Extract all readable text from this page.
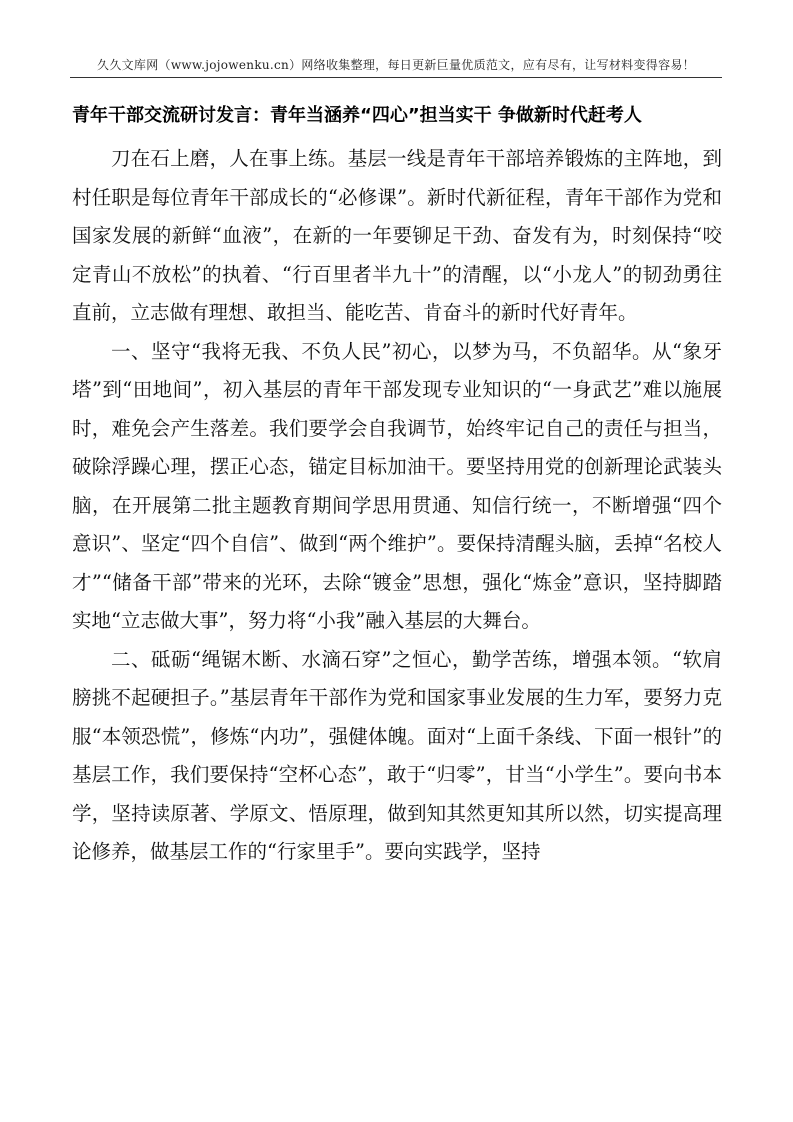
久久文库网（www.jojowenku.cn）网络收集整理，每日更新巨量优质范文，应有尽有，让写材料变得容易！
青年干部交流研讨发言：青年当涵养“四心”担当实干 争做新时代赶考人

刀在石上磨，人在事上练。基层一线是青年干部培养锻炼的主阵地，到村任职是每位青年干部成长的“必修课”。新时代新征程，青年干部作为党和国家发展的新鲜“血液”，在新的一年要铆足干劲、奋发有为，时刻保持“咬定青山不放松”的执着、“行百里者半九十”的清醒，以“小龙人”的韧劲勇往直前，立志做有理想、敢担当、能吃苦、肯奋斗的新时代好青年。

一、坚守“我将无我、不负人民”初心，以梦为马，不负韶华。从“象牙塔”到“田地间”，初入基层的青年干部发现专业知识的“一身武艺”难以施展时，难免会产生落差。我们要学会自我调节，始终牢记自己的责任与担当，破除浮躁心理，摆正心态，锚定目标加油干。要坚持用党的创新理论武装头脑，在开展第二批主题教育期间学思用贯通、知信行统一，不断增强“四个意识”、坚定“四个自信”、做到“两个维护”。要保持清醒头脑，丢掉“名校人才”“储备干部”带来的光环，去除“镀金”思想，强化“炼金”意识，坚持脚踏实地“立志做大事”，努力将“小我”融入基层的大舞台。

二、砥砺“绳锯木断、水滴石穿”之恒心，勤学苦练，增强本领。“软肩膀挑不起硬担子。”基层青年干部作为党和国家事业发展的生力军，要努力克服“本领恐慌”，修炼“内功”，强健体魄。面对“上面千条线、下面一根针”的基层工作，我们要保持“空杯心态”，敢于“归零”，甘当“小学生”。要向书本学，坚持读原著、学原文、悟原理，做到知其然更知其所以然，切实提高理论修养，做基层工作的“行家里手”。要向实践学，坚持
